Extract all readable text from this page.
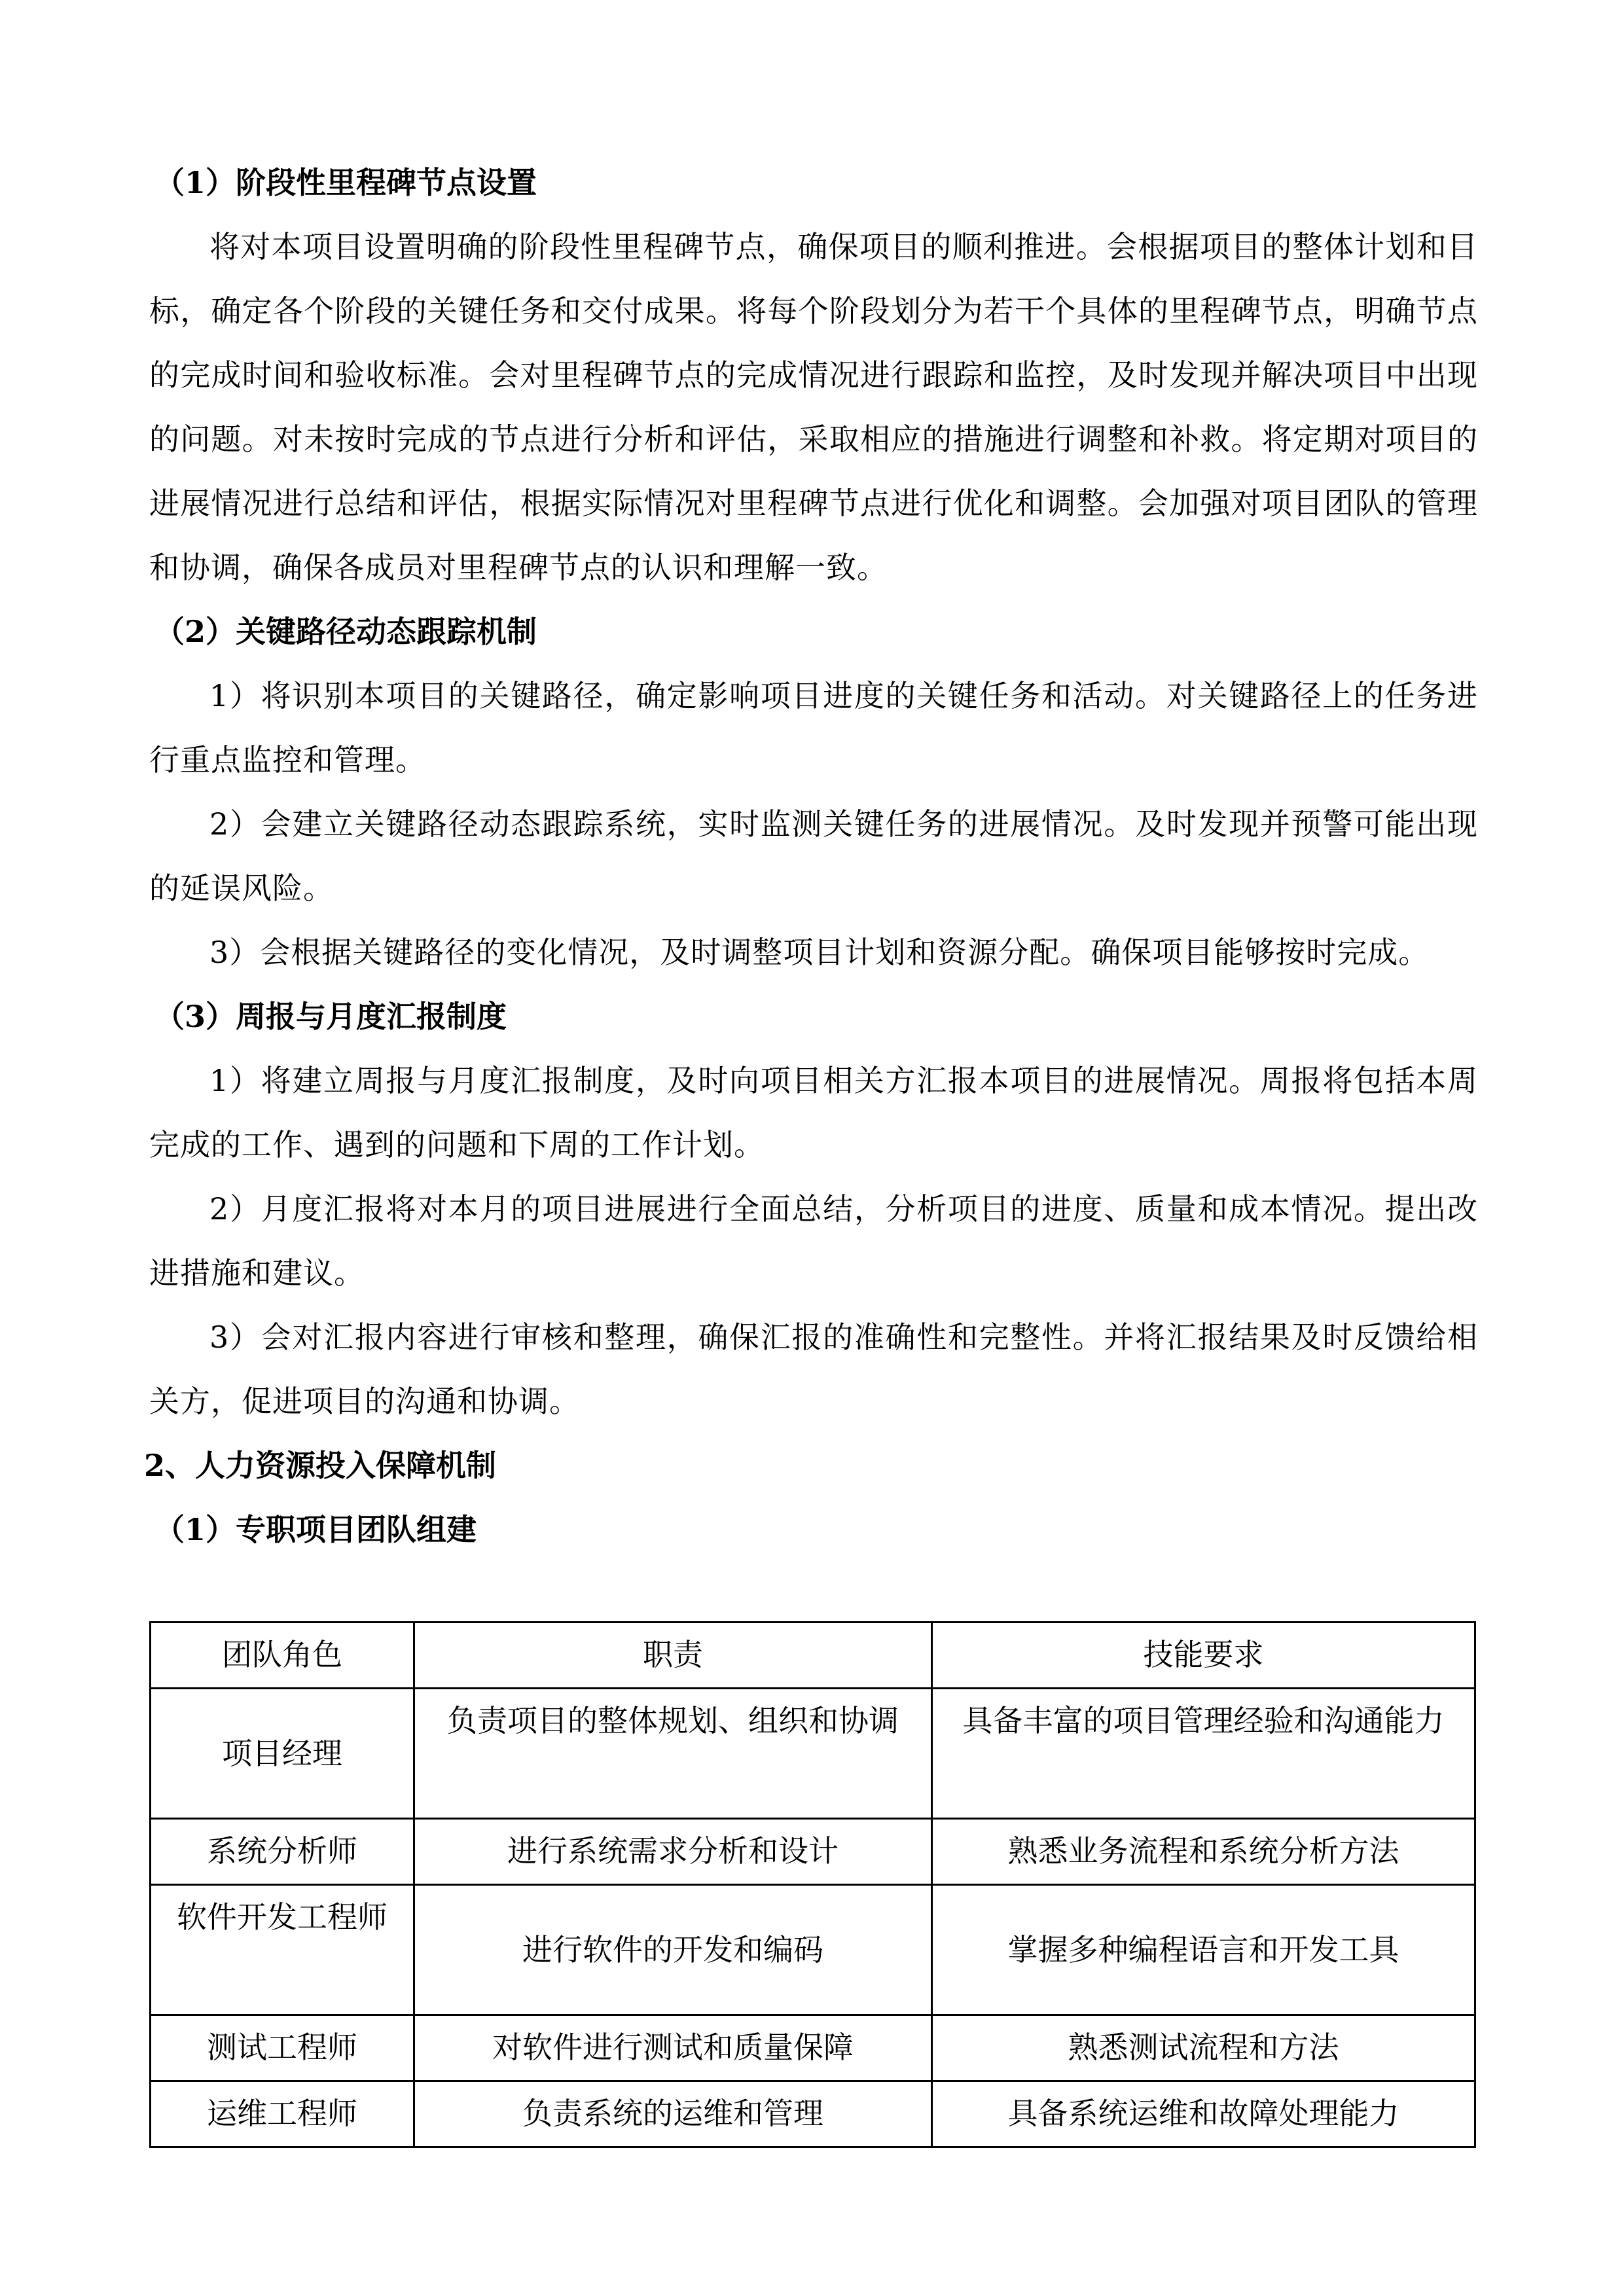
（1）阶段性里程碑节点设置

将对本项目设置明确的阶段性里程碑节点，确保项目的顺利推进。会根据项目的整体计划和目标，确定各个阶段的关键任务和交付成果。将每个阶段划分为若干个具体的里程碑节点，明确节点的完成时间和验收标准。会对里程碑节点的完成情况进行跟踪和监控，及时发现并解决项目中出现的问题。对未按时完成的节点进行分析和评估，采取相应的措施进行调整和补救。将定期对项目的进展情况进行总结和评估，根据实际情况对里程碑节点进行优化和调整。会加强对项目团队的管理和协调，确保各成员对里程碑节点的认识和理解一致。

（2）关键路径动态跟踪机制

1）将识别本项目的关键路径，确定影响项目进度的关键任务和活动。对关键路径上的任务进行重点监控和管理。

2）会建立关键路径动态跟踪系统，实时监测关键任务的进展情况。及时发现并预警可能出现的延误风险。

3）会根据关键路径的变化情况，及时调整项目计划和资源分配。确保项目能够按时完成。

（3）周报与月度汇报制度

1）将建立周报与月度汇报制度，及时向项目相关方汇报本项目的进展情况。周报将包括本周完成的工作、遇到的问题和下周的工作计划。

2）月度汇报将对本月的项目进展进行全面总结，分析项目的进度、质量和成本情况。提出改进措施和建议。

3）会对汇报内容进行审核和整理，确保汇报的准确性和完整性。并将汇报结果及时反馈给相关方，促进项目的沟通和协调。

2、人力资源投入保障机制

（1）专职项目团队组建

团队角色	职责	技能要求
项目经理	负责项目的整体规划、组织和协调	具备丰富的项目管理经验和沟通能力
系统分析师	进行系统需求分析和设计	熟悉业务流程和系统分析方法
软件开发工程师	进行软件的开发和编码	掌握多种编程语言和开发工具
测试工程师	对软件进行测试和质量保障	熟悉测试流程和方法
运维工程师	负责系统的运维和管理	具备系统运维和故障处理能力
